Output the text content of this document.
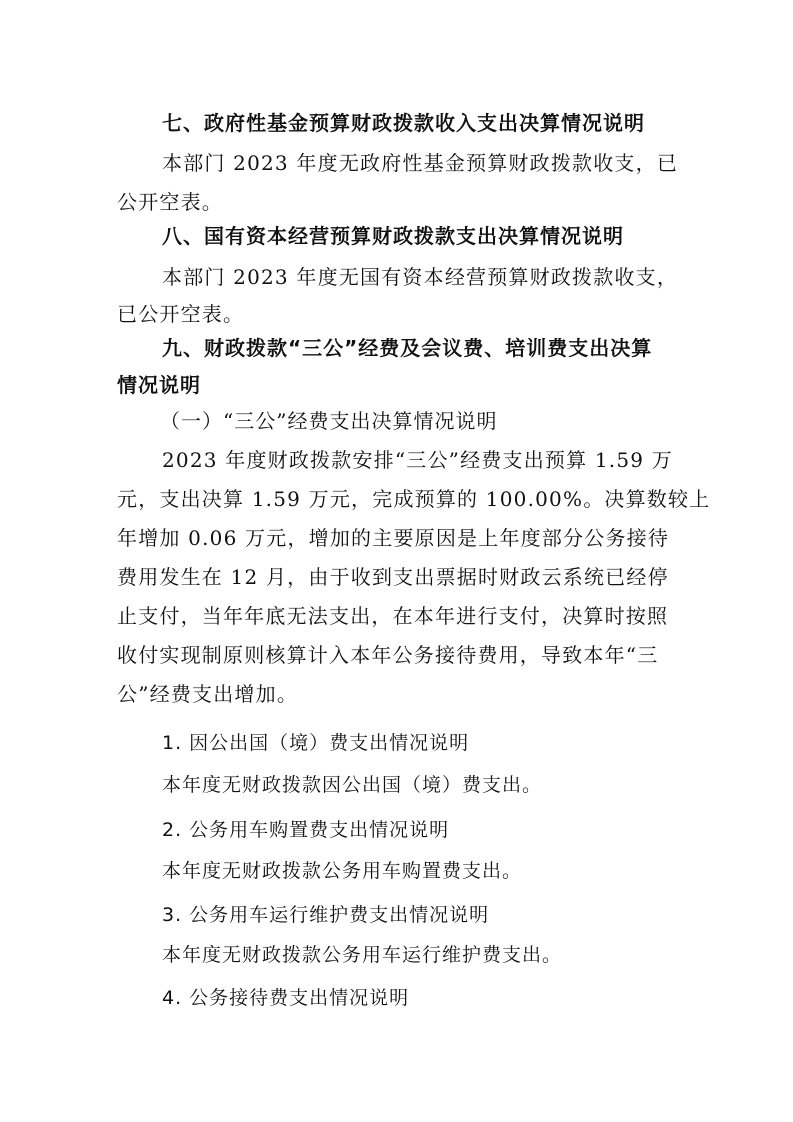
七、政府性基金预算财政拨款收入支出决算情况说明
本部门 2023 年度无政府性基金预算财政拨款收支，已
公开空表。
八、国有资本经营预算财政拨款支出决算情况说明
本部门 2023 年度无国有资本经营预算财政拨款收支，
已公开空表。
九、财政拨款“三公”经费及会议费、培训费支出决算
情况说明
（一）“三公”经费支出决算情况说明
2023 年度财政拨款安排“三公”经费支出预算 1.59 万
元，支出决算 1.59 万元，完成预算的 100.00%。决算数较上
年增加 0.06 万元，增加的主要原因是上年度部分公务接待
费用发生在 12 月，由于收到支出票据时财政云系统已经停
止支付，当年年底无法支出，在本年进行支付，决算时按照
收付实现制原则核算计入本年公务接待费用，导致本年“三
公”经费支出增加。
1. 因公出国（境）费支出情况说明
本年度无财政拨款因公出国（境）费支出。
2. 公务用车购置费支出情况说明
本年度无财政拨款公务用车购置费支出。
3. 公务用车运行维护费支出情况说明
本年度无财政拨款公务用车运行维护费支出。
4. 公务接待费支出情况说明
